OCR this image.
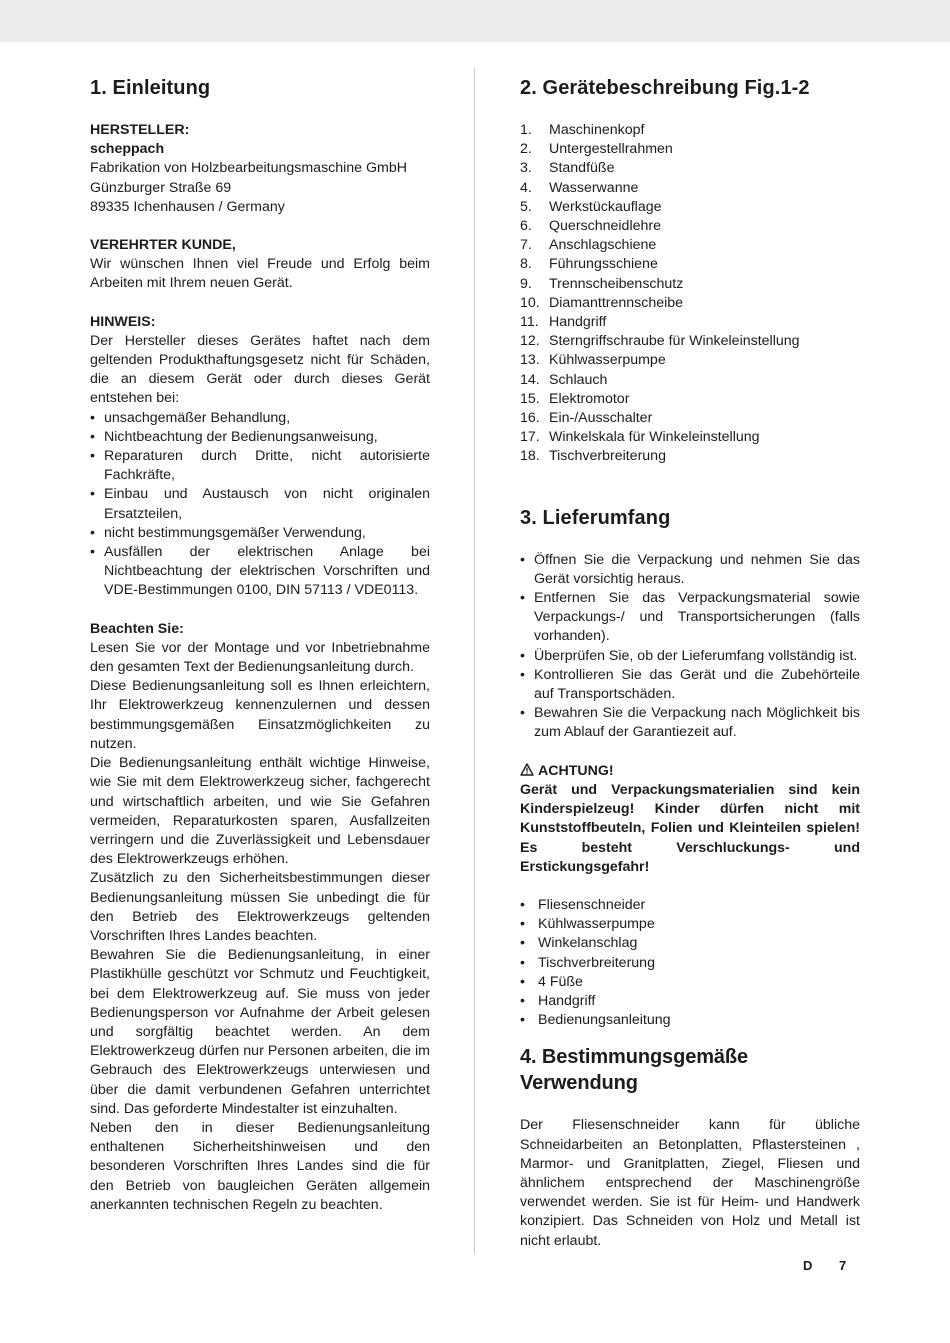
1. Einleitung

HERSTELLER:

scheppach

Fabrikation von Holzbearbeitungsmaschine GmbH

Günzburger Straße 69

89335 Ichenhausen / Germany

VEREHRTER KUNDE,

Wir wünschen Ihnen viel Freude und Erfolg beim Arbeiten mit Ihrem neuen Gerät.

HINWEIS:

Der Hersteller dieses Gerätes haftet nach dem geltenden Produkthaftungsgesetz nicht für Schäden, die an diesem Gerät oder durch dieses Gerät entstehen bei:

• unsachgemäßer Behandlung,
• Nichtbeachtung der Bedienungsanweisung,
• Reparaturen durch Dritte, nicht autorisierte Fachkräfte,
• Einbau und Austausch von nicht originalen Ersatzteilen,
• nicht bestimmungsgemäßer Verwendung,
• Ausfällen der elektrischen Anlage bei Nichtbeachtung der elektrischen Vorschriften und VDE-Bestimmungen 0100, DIN 57113 / VDE0113.

Beachten Sie:

Lesen Sie vor der Montage und vor Inbetriebnahme den gesamten Text der Bedienungsanleitung durch.

Diese Bedienungsanleitung soll es Ihnen erleichtern, Ihr Elektrowerkzeug kennenzulernen und dessen bestimmungsgemäßen Einsatzmöglichkeiten zu nutzen.

Die Bedienungsanleitung enthält wichtige Hinweise, wie Sie mit dem Elektrowerkzeug sicher, fachgerecht und wirtschaftlich arbeiten, und wie Sie Gefahren vermeiden, Reparaturkosten sparen, Ausfallzeiten verringern und die Zuverlässigkeit und Lebensdauer des Elektrowerkzeugs erhöhen.

Zusätzlich zu den Sicherheitsbestimmungen dieser Bedienungsanleitung müssen Sie unbedingt die für den Betrieb des Elektrowerkzeugs geltenden Vorschriften Ihres Landes beachten.

Bewahren Sie die Bedienungsanleitung, in einer Plastikhülle geschützt vor Schmutz und Feuchtigkeit, bei dem Elektrowerkzeug auf. Sie muss von jeder Bedienungsperson vor Aufnahme der Arbeit gelesen und sorgfältig beachtet werden. An dem Elektrowerkzeug dürfen nur Personen arbeiten, die im Gebrauch des Elektrowerkzeugs unterwiesen und über die damit verbundenen Gefahren unterrichtet sind. Das geforderte Mindestalter ist einzuhalten.

Neben den in dieser Bedienungsanleitung enthaltenen Sicherheitshinweisen und den besonderen Vorschriften Ihres Landes sind die für den Betrieb von baugleichen Geräten allgemein anerkannten technischen Regeln zu beachten.

2. Gerätebeschreibung Fig.1-2
1. Maschinenkopf
2. Untergestellrahmen
3. Standfüße
4. Wasserwanne
5. Werkstückauflage
6. Querschneidlehre
7. Anschlagschiene
8. Führungsschiene
9. Trennscheibenschutz
10. Diamanttrennscheibe
11. Handgriff
12. Sterngriffschraube für Winkeleinstellung
13. Kühlwasserpumpe
14. Schlauch
15. Elektromotor
16. Ein-/Ausschalter
17. Winkelskala für Winkeleinstellung
18. Tischverbreiterung
3. Lieferumfang
• Öffnen Sie die Verpackung und nehmen Sie das Gerät vorsichtig heraus.
• Entfernen Sie das Verpackungsmaterial sowie Verpackungs-/ und Transportsicherungen (falls vorhanden).
• Überprüfen Sie, ob der Lieferumfang vollständig ist.
• Kontrollieren Sie das Gerät und die Zubehörteile auf Transportschäden.
• Bewahren Sie die Verpackung nach Möglichkeit bis zum Ablauf der Garantiezeit auf.

ACHTUNG!

Gerät und Verpackungsmaterialien sind kein Kinderspielzeug! Kinder dürfen nicht mit Kunststoffbeuteln, Folien und Kleinteilen spielen! Es besteht Verschluckungs- und Erstickungsgefahr!

• Fliesenschneider
• Kühlwasserpumpe
• Winkelanschlag
• Tischverbreiterung
• 4 Füße
• Handgriff
• Bedienungsanleitung
4. Bestimmungsgemäße Verwendung

Der Fliesenschneider kann für übliche Schneidarbeiten an Betonplatten, Pflastersteinen , Marmor- und Granitplatten, Ziegel, Fliesen und ähnlichem entsprechend der Maschinengröße verwendet werden. Sie ist für Heim- und Handwerk konzipiert. Das Schneiden von Holz und Metall ist nicht erlaubt.

D 7
